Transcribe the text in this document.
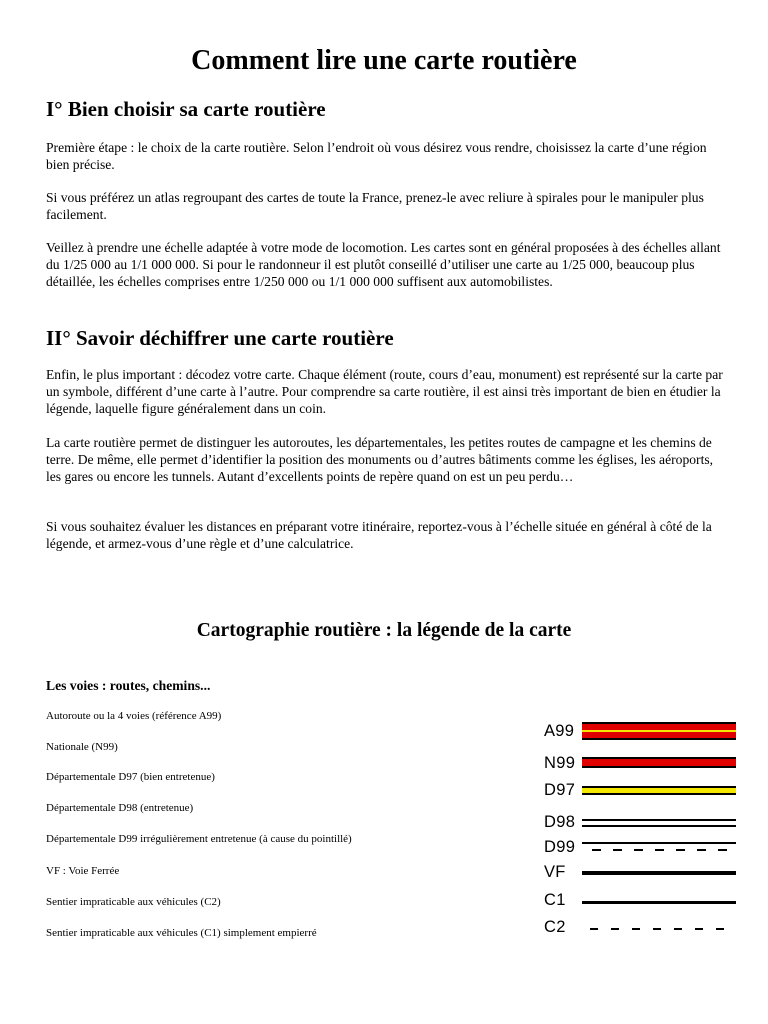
Comment lire une carte routière
I° Bien choisir sa carte routière

Première étape : le choix de la carte routière. Selon l’endroit où vous désirez vous rendre, choisissez la carte d’une région bien précise.

Si vous préférez un atlas regroupant des cartes de toute la France, prenez-le avec reliure à spirales pour le manipuler plus facilement.

Veillez à prendre une échelle adaptée à votre mode de locomotion. Les cartes sont en général proposées à des échelles allant du 1/25 000 au 1/1 000 000. Si pour le randonneur il est plutôt conseillé d’utiliser une carte au 1/25 000, beaucoup plus détaillée, les échelles comprises entre 1/250 000 ou 1/1 000 000 suffisent aux automobilistes.

II° Savoir déchiffrer une carte routière

Enfin, le plus important : décodez votre carte. Chaque élément (route, cours d’eau, monument) est représenté sur la carte par un symbole, différent d’une carte à l’autre. Pour comprendre sa carte routière, il est ainsi très important de bien en étudier la légende, laquelle figure généralement dans un coin.

La carte routière permet de distinguer les autoroutes, les départementales, les petites routes de campagne et les chemins de terre. De même, elle permet d’identifier la position des monuments ou d’autres bâtiments comme les églises, les aéroports, les gares ou encore les tunnels. Autant d’excellents points de repère quand on est un peu perdu…

Si vous souhaitez évaluer les distances en préparant votre itinéraire, reportez-vous à l’échelle située en général à côté de la légende, et armez-vous d’une règle et d’une calculatrice.

Cartographie routière : la légende de la carte

Les voies : routes, chemins...

Autoroute ou la 4 voies (référence A99)

Nationale (N99)

Départementale D97 (bien entretenue)

Départementale D98 (entretenue)

Départementale D99 irrégulièrement entretenue (à cause du pointillé)

VF : Voie Ferrée

Sentier impraticable aux véhicules (C2)

Sentier impraticable aux véhicules (C1) simplement empierré

A99

N99

D97

D98

D99

VF

C1

C2
